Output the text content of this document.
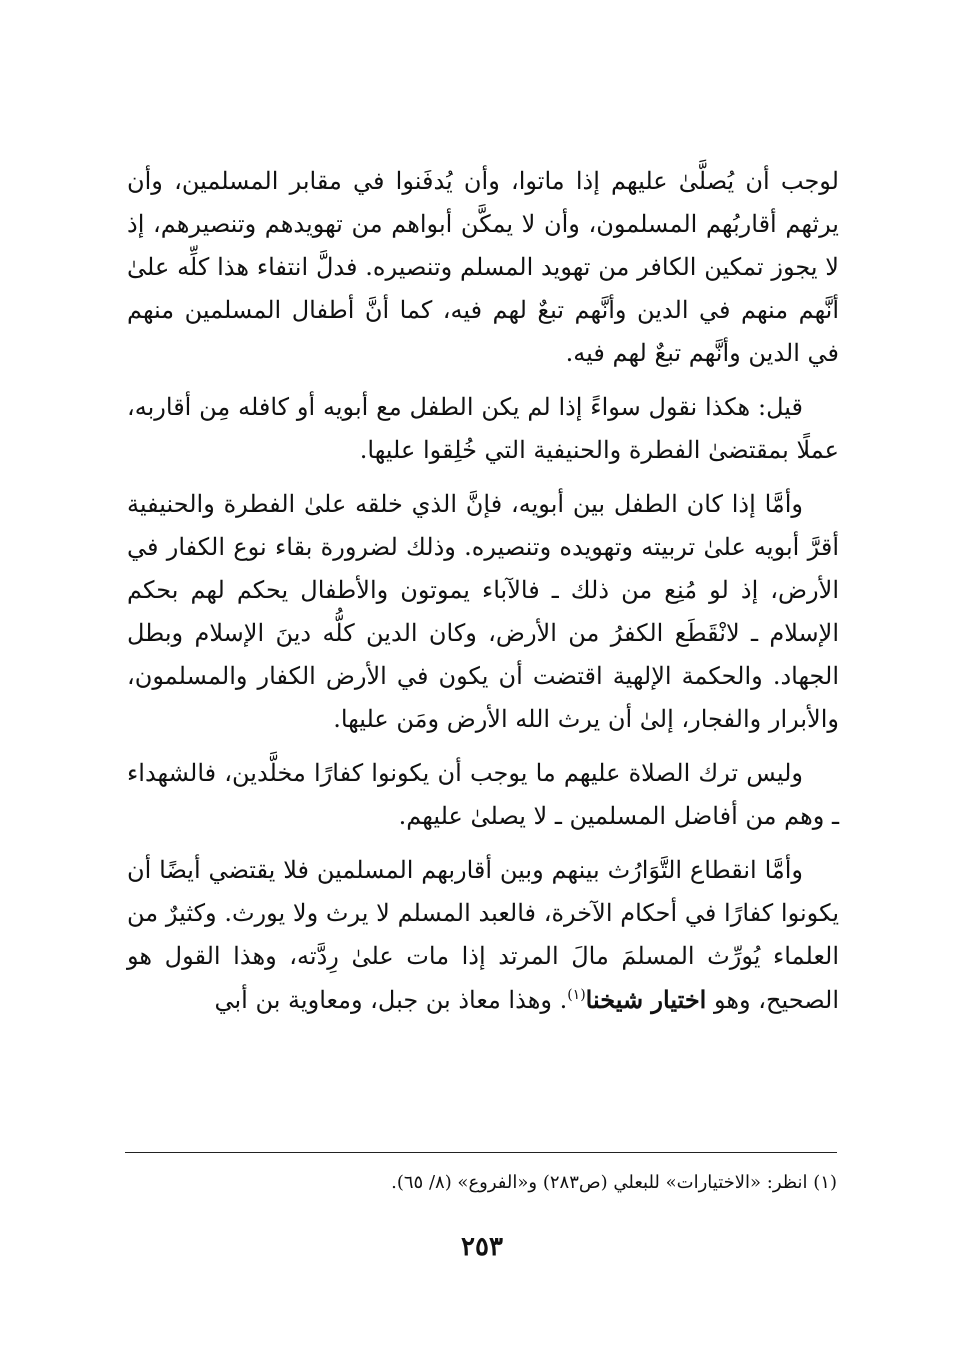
لوجب أن يُصلَّىٰ عليهم إذا ماتوا، وأن يُدفَنوا في مقابر المسلمين، وأن يرثهم أقاربُهم المسلمون، وأن لا يمكَّن أبواهم من تهويدهم وتنصيرهم، إذ لا يجوز تمكين الكافر من تهويد المسلم وتنصيره. فدلَّ انتفاء هذا كلِّه علىٰ أنَّهم منهم في الدين وأنَّهم تبعٌ لهم فيه، كما أنَّ أطفال المسلمين منهم في الدين وأنَّهم تبعٌ لهم فيه.

قيل: هكذا نقول سواءً إذا لم يكن الطفل مع أبويه أو كافله مِن أقاربه، عملًا بمقتضىٰ الفطرة والحنيفية التي خُلِقوا عليها.

وأمَّا إذا كان الطفل بين أبويه، فإنَّ الذي خلقه علىٰ الفطرة والحنيفية أقرَّ أبويه علىٰ تربيته وتهويده وتنصيره. وذلك لضرورة بقاء نوع الكفار في الأرض، إذ لو مُنِع من ذلك ـ فالآباء يموتون والأطفال يحكم لهم بحكم الإسلام ـ لانْقَطَع الكفرُ من الأرض، وكان الدين كلُّه دينَ الإسلام وبطل الجهاد. والحكمة الإلهية اقتضت أن يكون في الأرض الكفار والمسلمون، والأبرار والفجار، إلىٰ أن يرث الله الأرض ومَن عليها.

وليس ترك الصلاة عليهم ما يوجب أن يكونوا كفارًا مخلَّدين، فالشهداء ـ وهم من أفاضل المسلمين ـ لا يصلىٰ عليهم.

وأمَّا انقطاع التَّوَارُث بينهم وبين أقاربهم المسلمين فلا يقتضي أيضًا أن يكونوا كفارًا في أحكام الآخرة، فالعبد المسلم لا يرث ولا يورث. وكثيرٌ من العلماء يُورِّث المسلمَ مالَ المرتد إذا مات علىٰ رِدَّته، وهذا القول هو الصحيح، وهو اختيار شيخنا$^{(١)}$. وهذا معاذ بن جبل، ومعاوية بن أبي

(١) انظر: «الاختيارات» للبعلي (ص٢٨٣) و«الفروع» (٨/ ٦٥).
٢٥٣
